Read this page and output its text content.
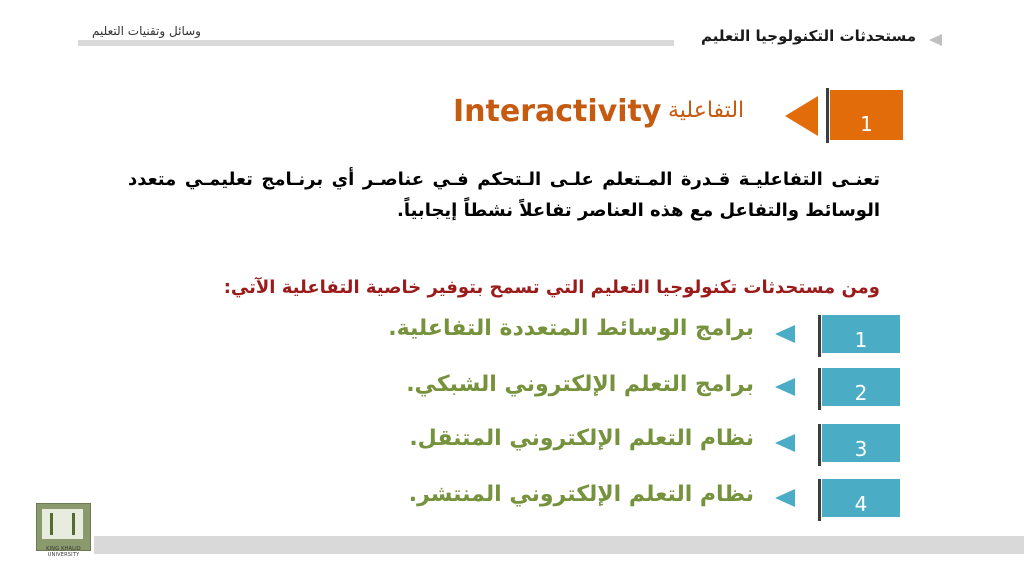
وسائل وتقنيات التعليم	مستحدثات التكنولوجيا التعليم
Interactivity التفاعلية
1
تعنـى التفاعليـة قـدرة المـتعلم علـى الـتحكم فـي عناصـر أي برنـامج تعليمـي متعدد الوسائط والتفاعل مع هذه العناصر تفاعلاً نشطاً إيجابياً.
ومن مستحدثات تكنولوجيا التعليم التي تسمح بتوفير خاصية التفاعلية الآتي:
1
برامج الوسائط المتعددة التفاعلية.
2
برامج التعلم الإلكتروني الشبكي.
3
نظام التعلم الإلكتروني المتنقل.
4
نظام التعلم الإلكتروني المنتشر.
KING KHALID UNIVERSITY
